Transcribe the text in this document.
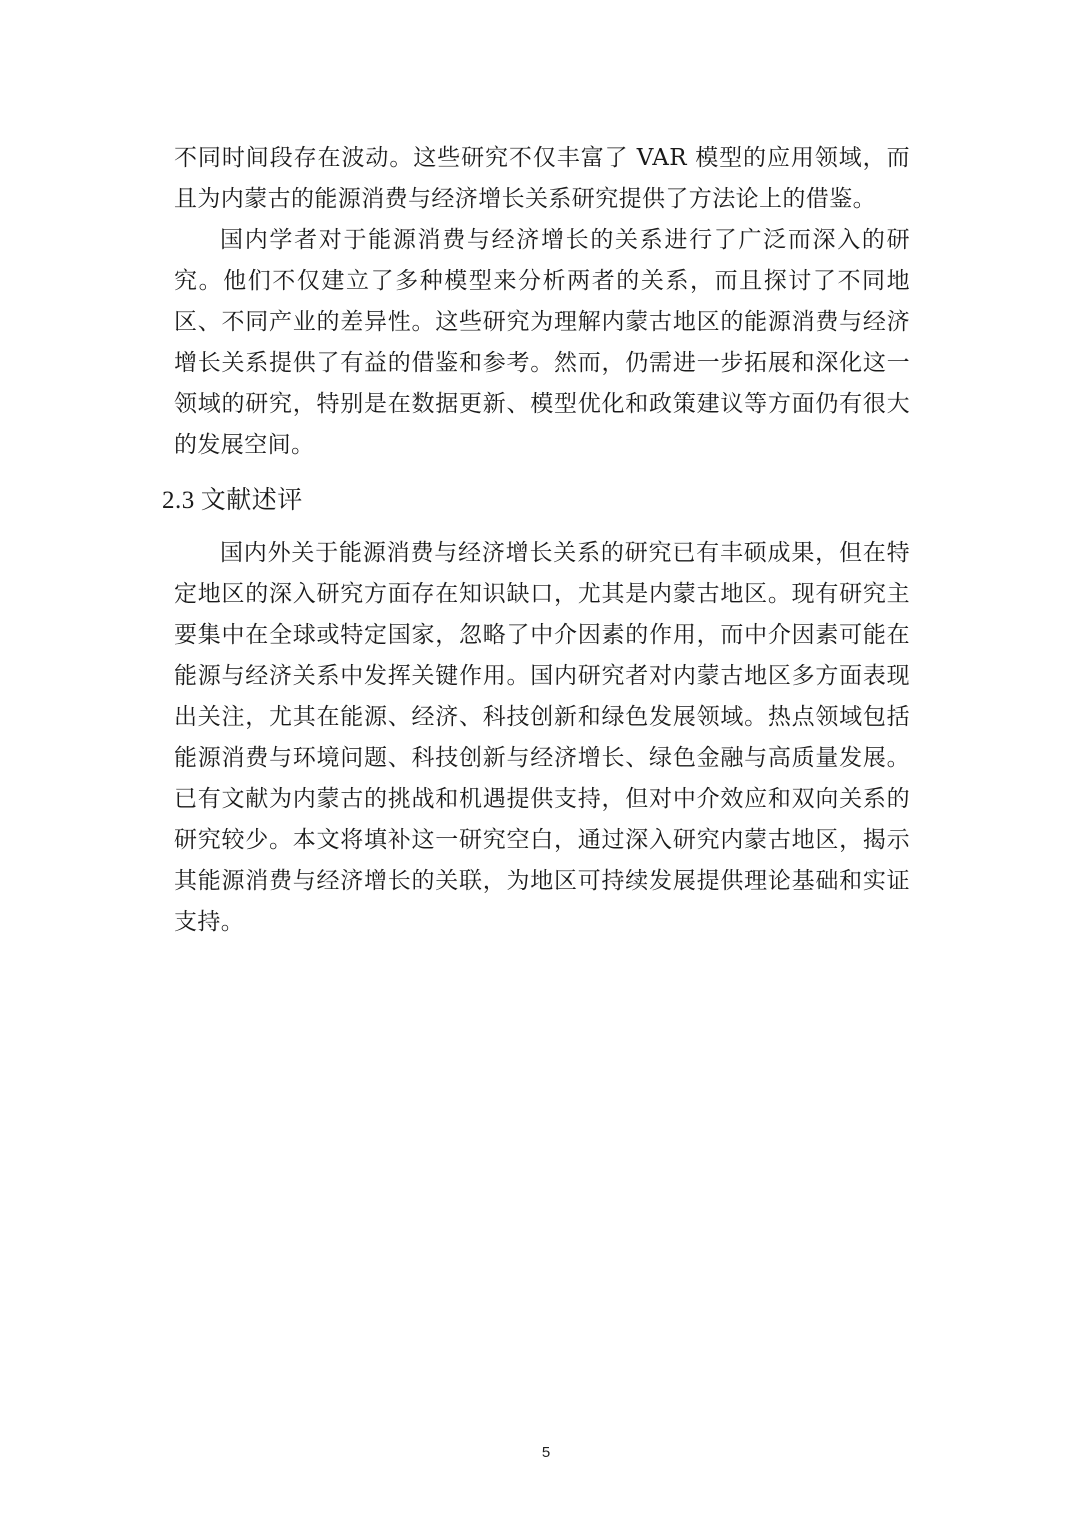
不同时间段存在波动。这些研究不仅丰富了 VAR 模型的应用领域，而且为内蒙古的能源消费与经济增长关系研究提供了方法论上的借鉴。

国内学者对于能源消费与经济增长的关系进行了广泛而深入的研究。他们不仅建立了多种模型来分析两者的关系，而且探讨了不同地区、不同产业的差异性。这些研究为理解内蒙古地区的能源消费与经济增长关系提供了有益的借鉴和参考。然而，仍需进一步拓展和深化这一领域的研究，特别是在数据更新、模型优化和政策建议等方面仍有很大的发展空间。

2.3 文献述评

国内外关于能源消费与经济增长关系的研究已有丰硕成果，但在特定地区的深入研究方面存在知识缺口，尤其是内蒙古地区。现有研究主要集中在全球或特定国家，忽略了中介因素的作用，而中介因素可能在能源与经济关系中发挥关键作用。国内研究者对内蒙古地区多方面表现出关注，尤其在能源、经济、科技创新和绿色发展领域。热点领域包括能源消费与环境问题、科技创新与经济增长、绿色金融与高质量发展。已有文献为内蒙古的挑战和机遇提供支持，但对中介效应和双向关系的研究较少。本文将填补这一研究空白，通过深入研究内蒙古地区，揭示其能源消费与经济增长的关联，为地区可持续发展提供理论基础和实证支持。

5
